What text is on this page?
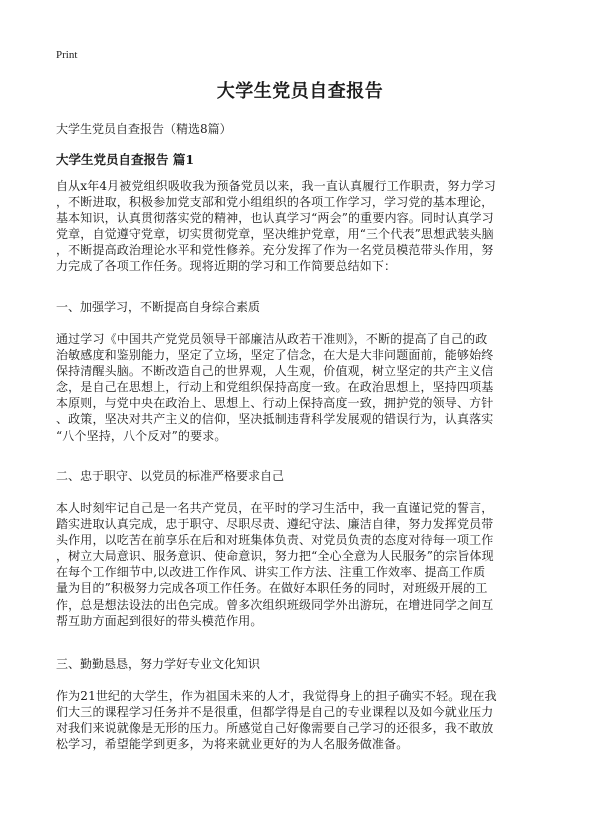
Print
大学生党员自查报告
大学生党员自查报告（精选8篇）
大学生党员自查报告 篇1

自从x年4月被党组织吸收我为预备党员以来，我一直认真履行工作职责，努力学习
，不断进取，积极参加党支部和党小组组织的各项工作学习，学习党的基本理论，
基本知识，认真贯彻落实党的精神，也认真学习“两会”的重要内容。同时认真学习
党章，自觉遵守党章，切实贯彻党章，坚决维护党章，用“三个代表”思想武装头脑
，不断提高政治理论水平和党性修养。充分发挥了作为一名党员模范带头作用，努
力完成了各项工作任务。现将近期的学习和工作简要总结如下：

一、加强学习，不断提高自身综合素质

通过学习《中国共产党党员领导干部廉洁从政若干准则》，不断的提高了自己的政
治敏感度和鉴别能力，坚定了立场，坚定了信念，在大是大非问题面前，能够始终
保持清醒头脑。不断改造自己的世界观，人生观，价值观，树立坚定的共产主义信
念，是自己在思想上，行动上和党组织保持高度一致。在政治思想上，坚持四项基
本原则，与党中央在政治上、思想上、行动上保持高度一致，拥护党的领导、方针
、政策，坚决对共产主义的信仰，坚决抵制违背科学发展观的错误行为，认真落实
“八个坚持，八个反对”的要求。

二、忠于职守、以党员的标准严格要求自己

本人时刻牢记自己是一名共产党员，在平时的学习生活中，我一直谨记党的誓言，
踏实进取认真完成，忠于职守、尽职尽责、遵纪守法、廉洁自律，努力发挥党员带
头作用，以吃苦在前享乐在后和对班集体负责、对党员负责的态度对待每一项工作
，树立大局意识、服务意识、使命意识，努力把“全心全意为人民服务”的宗旨体现
在每个工作细节中,以改进工作作风、讲实工作方法、注重工作效率、提高工作质
量为目的”积极努力完成各项工作任务。在做好本职任务的同时，对班级开展的工
作，总是想法设法的出色完成。曾多次组织班级同学外出游玩，在增进同学之间互
帮互助方面起到很好的带头模范作用。

三、勤勤恳恳，努力学好专业文化知识

作为21世纪的大学生，作为祖国未来的人才，我觉得身上的担子确实不轻。现在我
们大三的课程学习任务并不是很重，但都学得是自己的专业课程以及如今就业压力
对我们来说就像是无形的压力。所感觉自己好像需要自己学习的还很多，我不敢放
松学习，希望能学到更多，为将来就业更好的为人名服务做准备。
